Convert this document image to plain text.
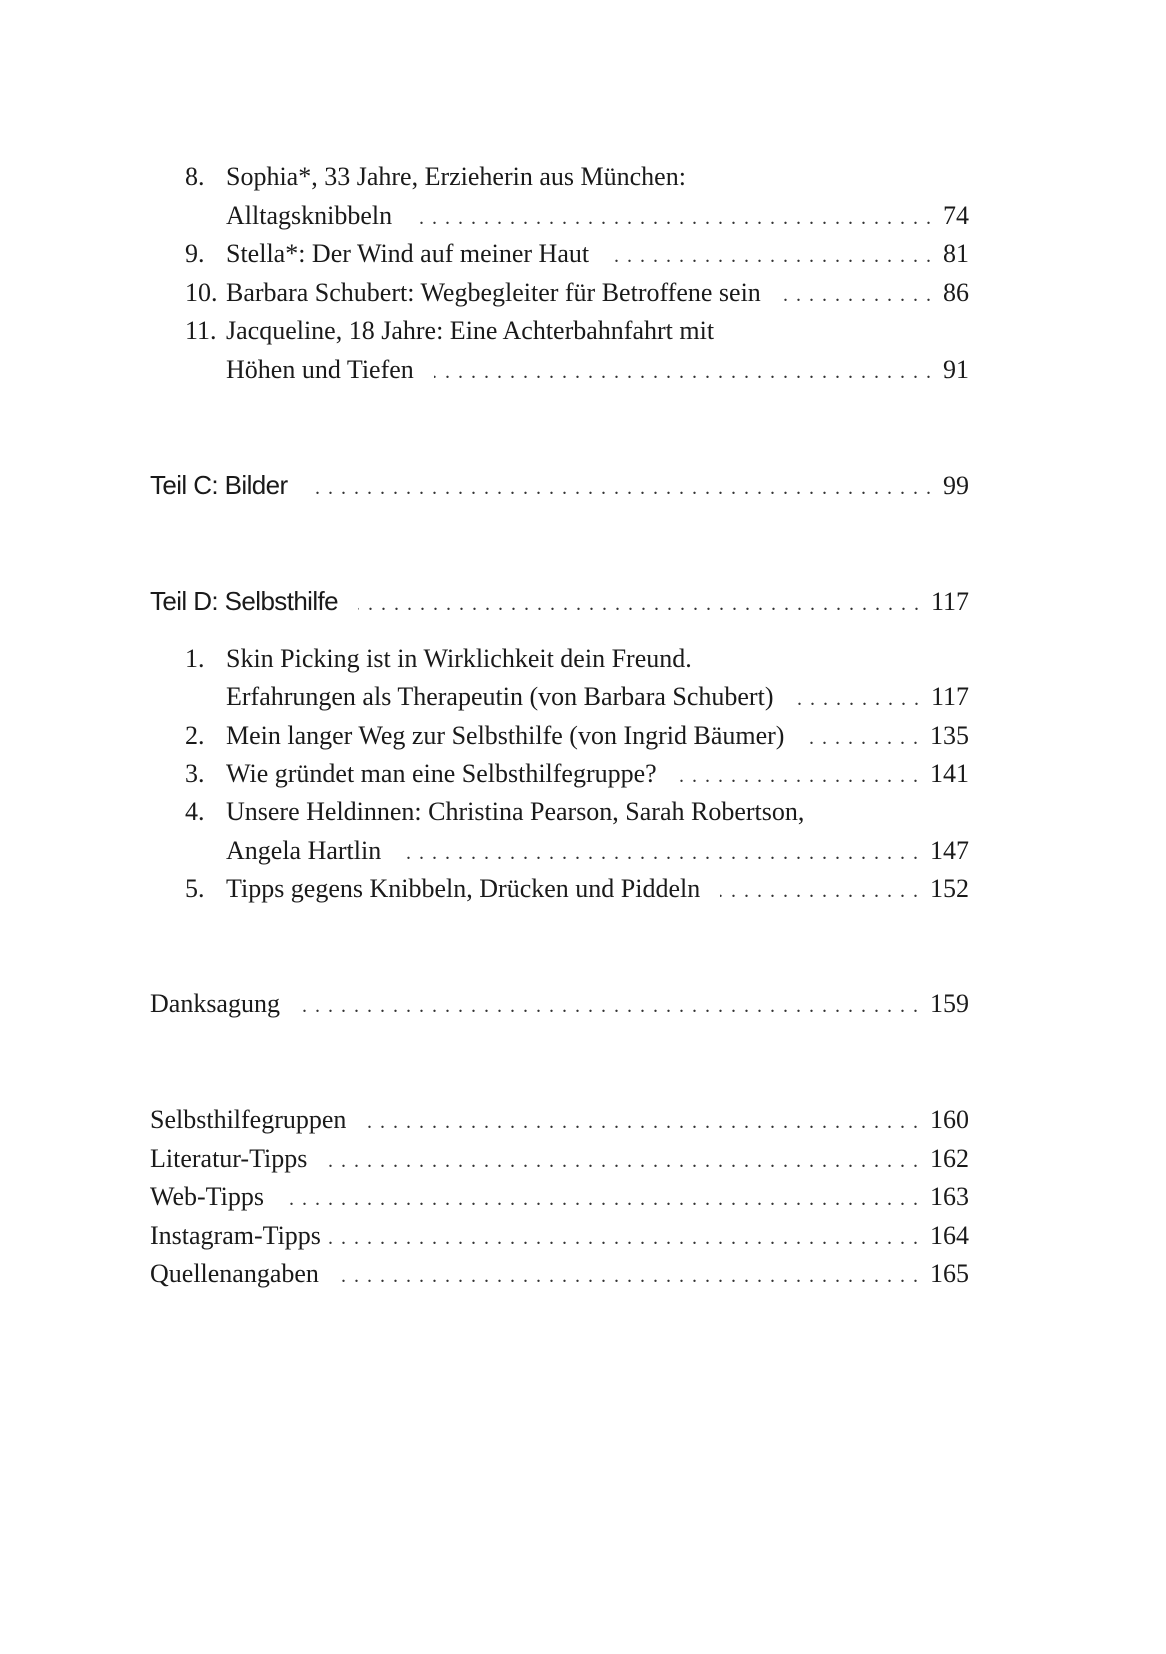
8. Sophia*, 33 Jahre, Erzieherin aus München:
Alltagsknibbeln . . .	74
9. Stella*: Der Wind auf meiner Haut . . .	81
10. Barbara Schubert: Wegbegleiter für Betroffene sein . . .	86
11. Jacqueline, 18 Jahre: Eine Achterbahnfahrt mit
Höhen und Tiefen . . .	91
Teil C: Bilder . . .	99
Teil D: Selbsthilfe . . .	117
1. Skin Picking ist in Wirklichkeit dein Freund.
Erfahrungen als Therapeutin (von Barbara Schubert) . . .	117
2. Mein langer Weg zur Selbsthilfe (von Ingrid Bäumer) . . .	135
3. Wie gründet man eine Selbsthilfegruppe? . . .	141
4. Unsere Heldinnen: Christina Pearson, Sarah Robertson,
Angela Hartlin . . .	147
5. Tipps gegens Knibbeln, Drücken und Piddeln . . .	152
Danksagung . . .	159
Selbsthilfegruppen . . .	160
Literatur-Tipps . . .	162
Web-Tipps . . .	163
Instagram-Tipps . . .	164
Quellenangaben . . .	165
